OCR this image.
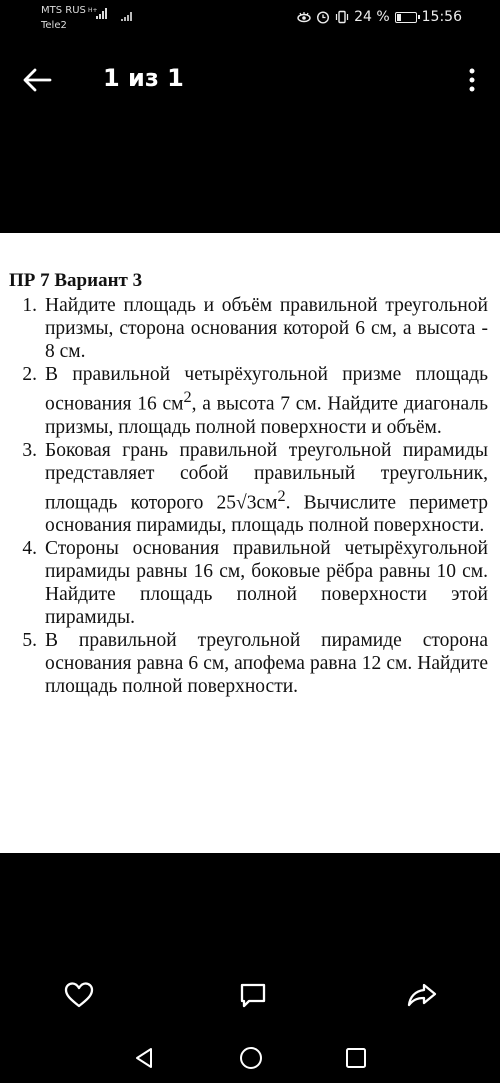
MTS RUS
Tele2
H+	24 % 15:56
1 из 1
ПР 7 Вариант 3
1. Найдите площадь и объём правильной треугольной призмы, сторона основания которой 6 см, а высота - 8 см.
2. В правильной четырёхугольной призме площадь основания 16 $см^2$, а высота 7 см. Найдите диагональ призмы, площадь полной поверхности и объём.
3. Боковая грань правильной треугольной пирамиды представляет собой правильный треугольник, площадь которого $25√3см^2$. Вычислите периметр основания пирамиды, площадь полной поверхности.
4. Стороны основания правильной четырёхугольной пирамиды равны 16 см, боковые рёбра равны 10 см. Найдите площадь полной поверхности этой пирамиды.
5. В правильной треугольной пирамиде сторона основания равна 6 см, апофема равна 12 см. Найдите площадь полной поверхности.
